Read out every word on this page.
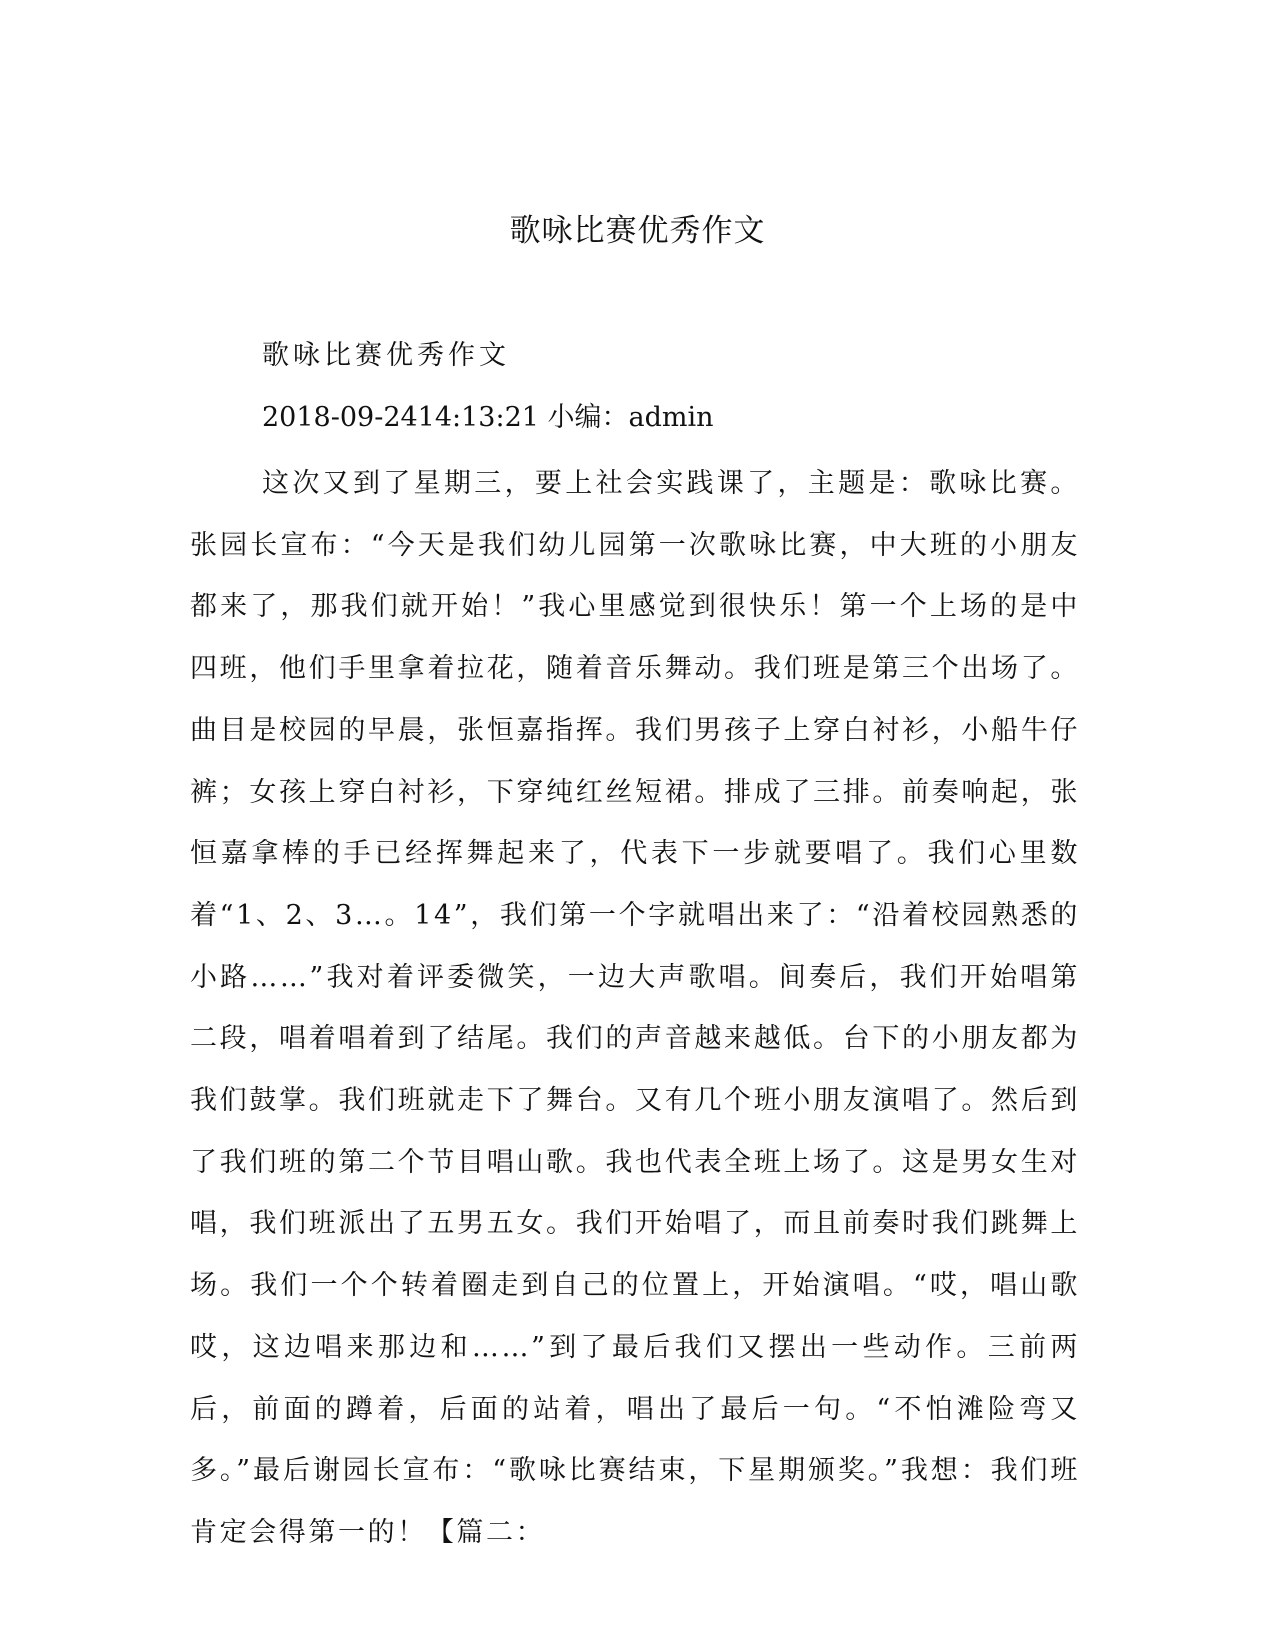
歌咏比赛优秀作文

歌咏比赛优秀作文

2018-09-2414:13:21 小编：admin

这次又到了星期三，要上社会实践课了，主题是：歌咏比赛。张园长宣布：“今天是我们幼儿园第一次歌咏比赛，中大班的小朋友都来了，那我们就开始！”我心里感觉到很快乐！第一个上场的是中四班，他们手里拿着拉花，随着音乐舞动。我们班是第三个出场了。曲目是校园的早晨，张恒嘉指挥。我们男孩子上穿白衬衫，小船牛仔裤；女孩上穿白衬衫，下穿纯红丝短裙。排成了三排。前奏响起，张恒嘉拿棒的手已经挥舞起来了，代表下一步就要唱了。我们心里数着“1、2、3…。14”，我们第一个字就唱出来了：“沿着校园熟悉的小路……”我对着评委微笑，一边大声歌唱。间奏后，我们开始唱第二段，唱着唱着到了结尾。我们的声音越来越低。台下的小朋友都为我们鼓掌。我们班就走下了舞台。又有几个班小朋友演唱了。然后到了我们班的第二个节目唱山歌。我也代表全班上场了。这是男女生对唱，我们班派出了五男五女。我们开始唱了，而且前奏时我们跳舞上场。我们一个个转着圈走到自己的位置上，开始演唱。“哎，唱山歌哎，这边唱来那边和……”到了最后我们又摆出一些动作。三前两后，前面的蹲着，后面的站着，唱出了最后一句。“不怕滩险弯又多。”最后谢园长宣布：“歌咏比赛结束，下星期颁奖。”我想：我们班肯定会得第一的！【篇二：
